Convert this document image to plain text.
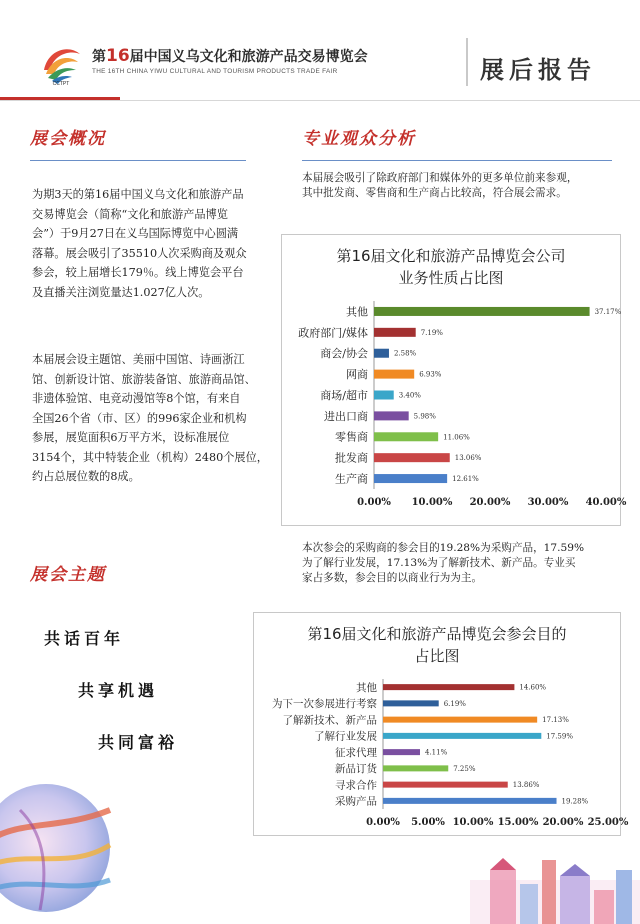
CCTPT
第16届中国义乌文化和旅游产品交易博览会
THE 16TH CHINA YIWU CULTURAL AND TOURISM PRODUCTS TRADE FAIR	展后报告
展会概况
为期3天的第16届中国义乌文化和旅游产品
交易博览会（简称“文化和旅游产品博览
会”）于9月27日在义乌国际博览中心圆满
落幕。展会吸引了35510人次采购商及观众
参会，较上届增长179％。线上博览会平台
及直播关注浏览量达1.027亿人次。
本届展会设主题馆、美丽中国馆、诗画浙江
馆、创新设计馆、旅游装备馆、旅游商品馆、
非遗体验馆、电竞动漫馆等8个馆，有来自
全国26个省（市、区）的996家企业和机构
参展，展览面积6万平方米，设标准展位
3154个，其中特装企业（机构）2480个展位，
约占总展位数的8成。
展会主题
共话百年
共享机遇
共同富裕
专业观众分析
本届展会吸引了除政府部门和媒体外的更多单位前来参观，
其中批发商、零售商和生产商占比较高，符合展会需求。
第16届文化和旅游产品博览会公司
业务性质占比图
其他	37.17%
政府部门/媒体	7.19%
商会/协会	2.58%
网商	6.93%
商场/超市	3.40%
进出口商	5.98%
零售商	11.06%
批发商	13.06%
生产商	12.61%
0.00% 10.00% 20.00% 30.00% 40.00%
本次参会的采购商的参会目的19.28%为采购产品，17.59%
为了解行业发展，17.13%为了解新技术、新产品。专业买
家占多数，参会目的以商业行为为主。
第16届文化和旅游产品博览会参会目的
占比图
其他	14.60%
为下一次参展进行考察	6.19%
了解新技术、新产品	17.13%
了解行业发展	17.59%
征求代理	4.11%
新品订货	7.25%
寻求合作	13.86%
采购产品	19.28%
0.00% 5.00% 10.00% 15.00% 20.00% 25.00%
